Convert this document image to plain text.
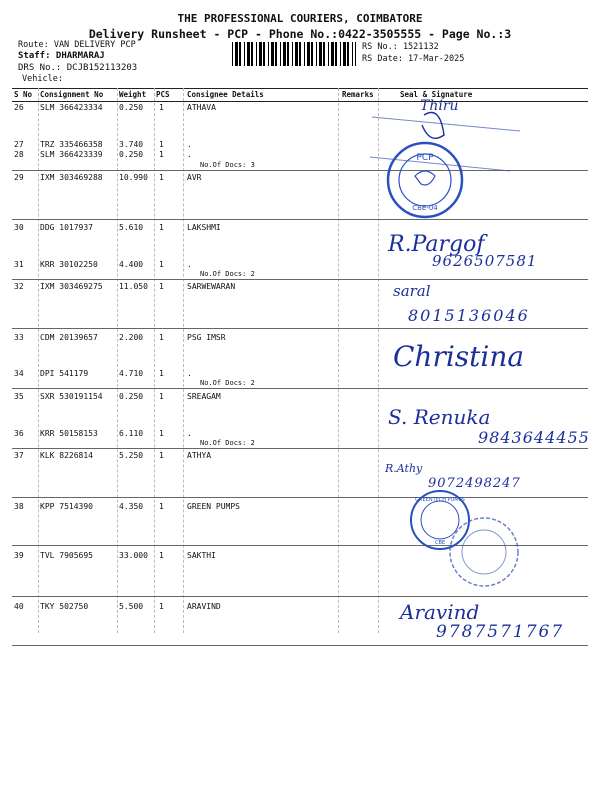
THE PROFESSIONAL COURIERS, COIMBATORE
Delivery Runsheet - PCP - Phone No.:0422-3505555 - Page No.:3
Route: VAN DELIVERY PCP
Staff: DHARMARAJ
DRS No.: DCJB152113203
Vehicle:
RS No.: 1521132
RS Date: 17-Mar-2025
S No Consignment No Weight PCS Consignee Details	Remarks	Seal & Signature
26 SLM 366423334 0.250 1	ATHAVA
27 TRZ 335466358 3.740 1	.
28 SLM 366423339 0.250 1	.
No.Of Docs: 3
29 IXM 303469288 10.990 1	AVR
30 DDG 1017937	5.610 1	LAKSHMI
31 KRR 30102250	4.400 1	.
No.Of Docs: 2
32 IXM 303469275 11.050 1	SARWEWARAN
33 CDM 20139657	2.200 1	PSG IMSR
34 DPI 541179	4.710 1	.
No.Of Docs: 2
35 SXR 530191154 0.250 1	SREAGAM
36 KRR 50158153	6.110 1	.
No.Of Docs: 2
37 KLK 8226814	5.250 1	ATHYA
38 KPP 7514390	4.350 1	GREEN PUMPS
39 TVL 7905695	33.000 1	SAKTHI
40 TKY 502750	5.500 1	ARAVIND
PCP
CBE-04
GREENTECH PUMPS
CBE
Thiru
R.Pargof
9626507581
saral
8015136046
Christina
S. Renuka
9843644455
R.Athy
9072498247
Aravind
9787571767
